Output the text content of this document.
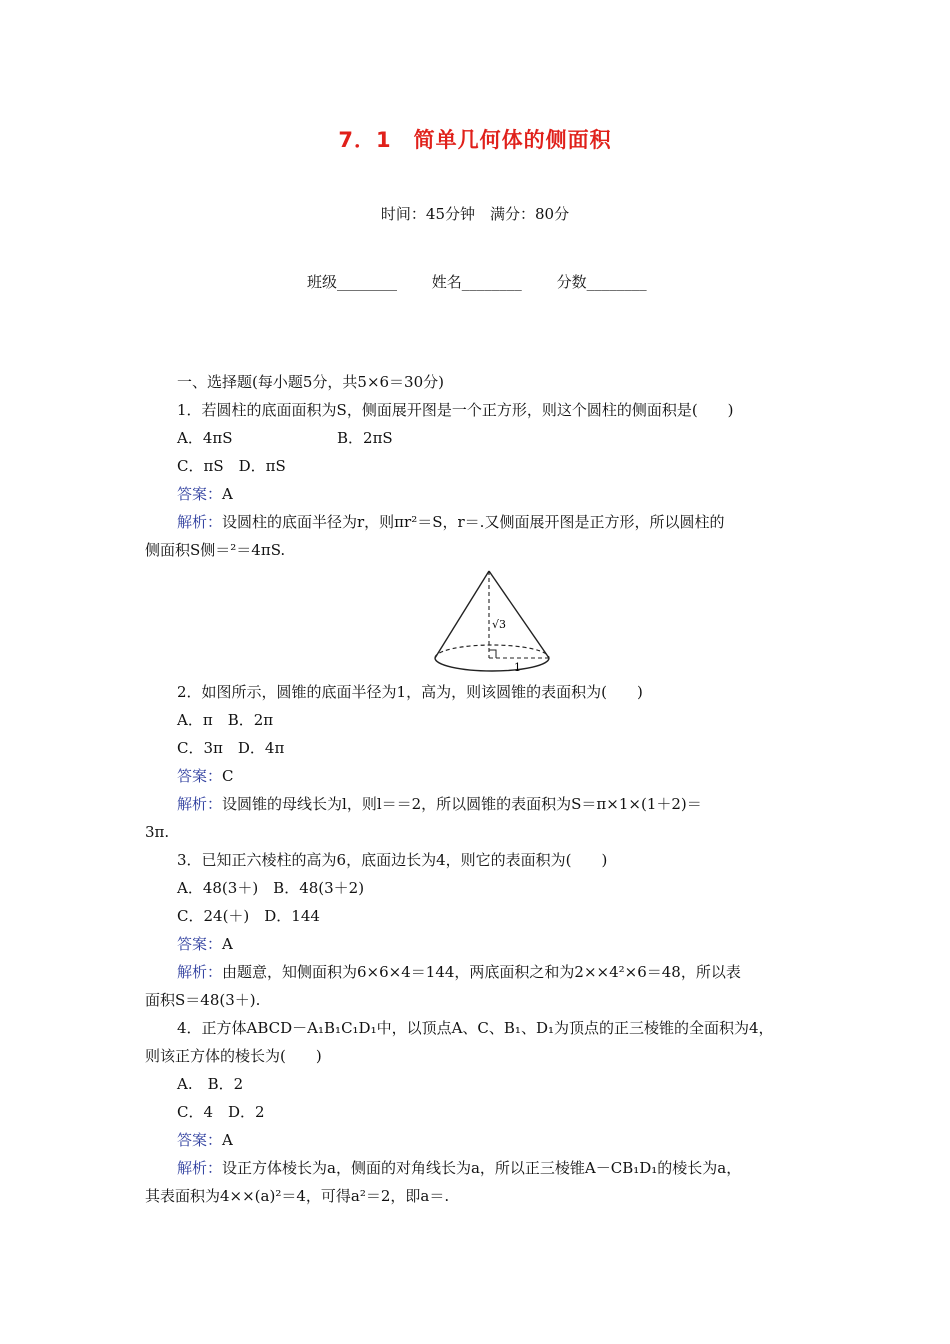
7．1　简单几何体的侧面积
时间：45分钟　满分：80分
班级________ 姓名________ 分数________
一、选择题(每小题5分，共5×6＝30分)
1．若圆柱的底面面积为S，侧面展开图是一个正方形，则这个圆柱的侧面积是(　　)
A．4πS	B．2πS
C．πS　D．πS
答案：A
解析：设圆柱的底面半径为r，则πr²＝S，r＝.又侧面展开图是正方形，所以圆柱的
侧面积S侧＝²＝4πS.
√3
1
2．如图所示，圆锥的底面半径为1，高为，则该圆锥的表面积为(　　)
A．π　B．2π
C．3π　D．4π
答案：C
解析：设圆锥的母线长为l，则l＝＝2，所以圆锥的表面积为S＝π×1×(1＋2)＝
3π.
3．已知正六棱柱的高为6，底面边长为4，则它的表面积为(　　)
A．48(3＋)　B．48(3＋2)
C．24(＋)　D．144
答案：A
解析：由题意，知侧面积为6×6×4＝144，两底面积之和为2××4²×6＝48，所以表
面积S＝48(3＋).
4．正方体ABCD－A₁B₁C₁D₁中，以顶点A、C、B₁、D₁为顶点的正三棱锥的全面积为4，
则该正方体的棱长为(　　)
A.　B．2
C．4　D．2
答案：A
解析：设正方体棱长为a，侧面的对角线长为a，所以正三棱锥A－CB₁D₁的棱长为a，
其表面积为4××(a)²＝4，可得a²＝2，即a＝.
